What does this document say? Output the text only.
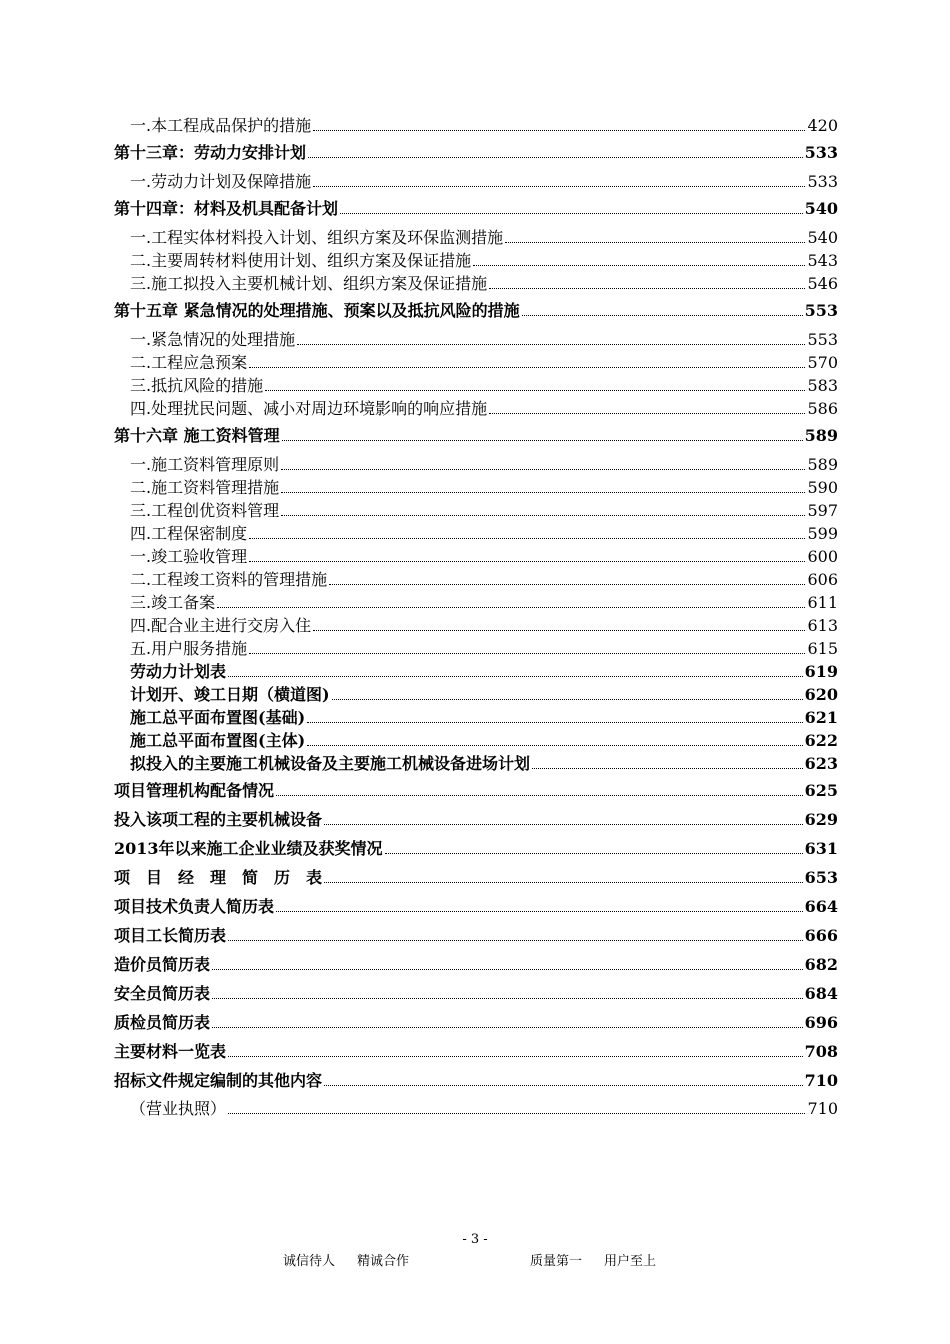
一.本工程成品保护的措施	420
第十三章：劳动力安排计划	533
一.劳动力计划及保障措施	533
第十四章：材料及机具配备计划	540
一.工程实体材料投入计划、组织方案及环保监测措施	540
二.主要周转材料使用计划、组织方案及保证措施	543
三.施工拟投入主要机械计划、组织方案及保证措施	546
第十五章 紧急情况的处理措施、预案以及抵抗风险的措施	553
一.紧急情况的处理措施	553
二.工程应急预案	570
三.抵抗风险的措施	583
四.处理扰民问题、减小对周边环境影响的响应措施	586
第十六章 施工资料管理	589
一.施工资料管理原则	589
二.施工资料管理措施	590
三.工程创优资料管理	597
四.工程保密制度	599
一.竣工验收管理	600
二.工程竣工资料的管理措施	606
三.竣工备案	611
四.配合业主进行交房入住	613
五.用户服务措施	615
劳动力计划表	619
计划开、竣工日期（横道图)	620
施工总平面布置图(基础)	621
施工总平面布置图(主体)	622
拟投入的主要施工机械设备及主要施工机械设备进场计划	623
项目管理机构配备情况	625
投入该项工程的主要机械设备	629
2013年以来施工企业业绩及获奖情况	631
项　目　经　理　简　历　表	653
项目技术负责人简历表	664
项目工长简历表	666
造价员简历表	682
安全员简历表	684
质检员简历表	696
主要材料一览表	708
招标文件规定编制的其他内容	710
（营业执照）	710
- 3 -
诚信待人 精诚合作	质量第一 用户至上
